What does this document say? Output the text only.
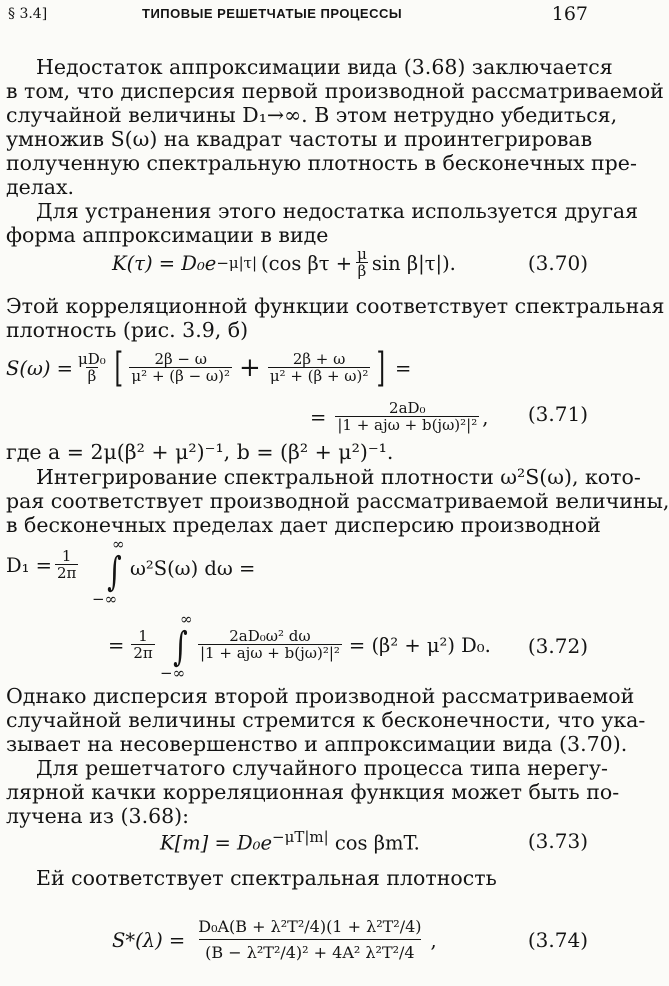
§ 3.4]	ТИПОВЫЕ РЕШЕТЧАТЫЕ ПРОЦЕССЫ	167
Недостаток аппроксимации вида (3.68) заключается
в том, что дисперсия первой производной рассматриваемой
случайной величины D₁→∞. В этом нетрудно убедиться,
умножив S(ω) на квадрат частоты и проинтегрировав
полученную спектральную плотность в бесконечных пре-
делах.
Для устранения этого недостатка используется другая
форма аппроксимации в виде
K(τ) = D₀e −μ|τ| (cos $\beta\tau + \frac{\mu}{\beta}$ sin β|τ|).	(3.70)
Этой корреляционной функции соответствует спектральная
плотность (рис. 3.9, б)
$S(\omega) = \frac{\text{μD₀}}{\beta}$ [ $\frac{2\beta - \omega}{\text{μ² + (β − ω)²}} + \frac{2\beta + \omega}{\text{μ² + (β + ω)²}}$ ] =
= $\frac{\text{2aD₀}}{\text{|1 + ajω + b(jω)²|²}}$ , (3.71)
где a = 2μ(β² + μ²)⁻¹, b = (β² + μ²)⁻¹.
Интегрирование спектральной плотности ω²S(ω), кото-
рая соответствует производной рассматриваемой величины,
в бесконечных пределах дает дисперсию производной
$D_1 = \frac{1}{2\pi}$
∞
∫
−∞
ω²S(ω) dω =
= $\frac{1}{2\pi}$
∞
∫
−∞
$\frac{\text{2aD₀ω² dω}}{\text{|1 + ajω + b(jω)²|²}} = (\beta^2 + \mu^2)$ D₀. (3.72)
Однако дисперсия второй производной рассматриваемой
случайной величины стремится к бесконечности, что ука-
зывает на несовершенство и аппроксимации вида (3.70).
Для решетчатого случайного процесса типа нерегу-
лярной качки корреляционная функция может быть по-
лучена из (3.68):
$K[m] = D_0e^{-\mu T|m|}$ cos βmT.	(3.73)
Ей соответствует спектральная плотность
$S*(\lambda) = \frac{\text{D₀A(B + λ²T²/4)(1 + λ²T²/4)}}{\text{(B − λ²T²/4)² + 4A² λ²T²/4}}$ ,	(3.74)
